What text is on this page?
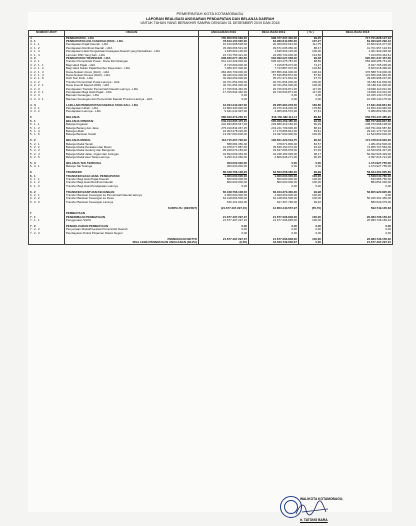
PEMERINTAH KOTA KOTAMOBAGU
LAPORAN REALISASI ANGGARAN PENDAPATAN DAN BELANJA DAERAH
UNTUK TAHUN YANG BERAKHIR SAMPAI DENGAN 31 DESEMBER 2019 DAN 2018
NOMOR URUT	URAIAN	ANGGARAN 2019	REALISASI 2019	( % )	REALISASI 2018
4	PENDAPATAN - LRA	700.650.552.066,00	698.477.207.322,00	99,25	717.701.828.127,03
4 . 1	PENDAPATAN ASLI DAERAH (PAD) - LRA	78.643.152.605,00	84.280.644.850,00	107,27	84.390.997.290,43
4 . 1 . 1	Pendapatan Pajak Daerah - LRA	16.160.998.528,00	20.459.653.644,00	111,75	15.503.916.377,00
4 . 1 . 2	Pendapatan Retribusi Daerah - LRA	45.099.666.531,00	39.671.005.080,00	88,47	41.701.957.132,63
4 . 1 . 3	Pendapatan Hasil Pengelolaan Kekayaan Daerah yang Dipisahkan - LRA	1.635.602.125,00	1.635.503.125,00	100,00	1.361.993.236,00
4 . 1 . 4	Lain-lain PAD Yang Sah - LRA	15.743.750.421,00	22.256.733.000,00	134,56	7.344.650.464,61
4 . 2	PENDAPATAN TRANSFER - LRA	608.030.677.462,00	602.090.027.638,00	99,48	620.051.347.457,00
4 . 2 . 1	Transfer Pemerintah Pusat - Dana Perimbangan	541.413.409.000,00	535.403.475.787,00	98,89	553.008.285.751,00
4 . 2 . 1 . 1	Bagi Hasil Pajak - LRA	8.715.669.000,00	7.215.878.073,00	74,27	8.037.765.235,00
4 . 2 . 1 . 2	Bagi Hasil Sukan Pajak/Sumber Daya Alam - LRA	7.489.307.000,00	7.744.887.007,00	104,82	8.603.618.396,00
4 . 2 . 1 . 3	Dana Alokasi Umum (DAU) - LRA	384.309.709.000,00	387.859.494.000,00	100,94	376.588.719.000,00
4 . 2 . 1 . 4	Dana Alokasi Khusus (DAK) - LRA	99.446.632.000,00	87.546.869.872,00	87,60	131.656.296.964,00
4 . 2 . 1 . 5	DAK Non Fisik - LRA	40.490.050.000,00	35.071.371.816,00	97,70	39.186.998.237,00
4 . 2 . 2	Transfer Pemerintah Pusat Lainnya - LRA	46.701.654.000,00	46.701.654.000,00	100,00	36.186.611.000,00
4 . 2 . 2 . 1	Dana Insentif Daerah (DID) - LRA	46.701.654.000,00	46.701.654.000,00	100,00	36.186.611.000,00
4 . 2 . 3	Pendapatan Transfer Pemerintah Daerah Lainnya - LRA	17.706.534.462,00	20.726.533.871,00	117,06	19.826.110.031,00
4 . 2 . 3 . 1	Pendapatan Bagi Hasil Pajak - LRA	17.706.534.462,00	20.726.533.871,00	117,06	19.826.110.031,00
4 . 2 . 4	Bantuan Keuangan - LRA	0,00	0,00	0,00	16.345.140.175,00
4 . 2 . 4 . 1	Bantuan Keuangan dari Pemerintah Daerah Provinsi Lainnya - LRA	0,00	0,00	0,00	16.345.140.175,00

4 . 3	LAIN-LAIN PENDAPATAN DAERAH YANG SAH - LRA	16.034.342.997,00	26.265.984.978,00	166,80	17.631.293.861,60
4 . 3 . 1	Pendapatan Hibah - LRA	12.869.330.000,00	23.370.318.000,00	178,80	12.554.430.960,00
4 . 3 . 2	Pendapatan Lainnya - LRA	9.041.042.997,00	4.005.666.570,00	97,61	5.086.862.581,00

5	BELANJA	686.029.373.266,15	616.150.482.114,11	89,82	658.763.437.385,95
5 . 1	BELANJA OPERASI	549.013.665.470,15	505.029.459.485,36	93,48	482.757.893.807,80
5 . 1 . 1	Belanja Pegawai	242.693.866.547,00	233.686.419.160,00	96,29	238.373.068.138,00
5 . 1 . 2	Belanja Barang dan Jasa	275.319.844.967,25	243.241.709.906,36	88,34	218.751.094.587,80
5 . 1 . 4	Belanja Hibah	16.303.278.225,00	17.175.865.814,00	93,61	29.441.173.722,00
5 . 1 . 5	Belanja Bantuan Sosial	13.497.000.000,00	13.497.000.000,00	100,00	12.543.800.000,00

5 . 2	BELANJA MODAL	116.715.307.796,00	106.601.423.019,75	96,32	174.478.610.620,00
5 . 2 . 1	Belanja Modal Tanah	588.084.050,00	478.671.806,00	82,57	1.381.662.500,00
5 . 2 . 2	Belanja Modal Peralatan dan Mesin	41.978.077.887,00	39.536.150.674,00	94,18	72.965.707.564,00
5 . 2 . 3	Belanja Modal Gedung dan Bangunan	35.168.676.183,00	33.637.696.978,00	97,45	44.543.054.427,00
5 . 2 . 4	Belanja Modal Jalan, Irigasi dan Jaringan	34.694.069.463,00	34.238.183.605,00	98,17	50.492.526.429,00
5 . 2 . 5	Belanja Modal Aset Tetap Lainnya	3.293.412.060,00	2.809.936.271,00	90,35	2.397.614.721,00

5 . 3	BELANJA TAK TERDUGA	300.000.000,00	0,00	0,00	1.474.927.755,00
5 . 3 . 1	Belanja Tak Terduga	300.000.000,00	0,00	0,00	1.474.927.755,00

6	TRANSFER	86.348.766.108,00	64.503.258.080,00	99,99	58.334.461.605,00
6 . 1	TRANSFER BAGI HASIL PENDAPATAN	1.300.000.000,00	1.300.000.000,00	100,00	1.528.540.780,00
6 . 1 . 1	Transfer Bagi Hasil Pajak Daerah	500.000.000,00	500.000.000,00	100,00	643.686.750,00
6 . 1 . 2	Transfer Bagi Hasil Retribusi Daerah	800.000.000,00	800.000.000,00	100,00	884.854.030,00
6 . 1 . 3	Transfer Bagi Hasil Pendapatan Lainnya	0,00	0,00	0,00	0,00

6 . 2	TRANSFER BANTUAN KEUANGAN	65.048.766.108,00	66.043.373.360,00	99,98	56.805.920.825,00
6 . 2 . 1	Transfer Bantuan Keuangan ke Pemerintah Daerah lainnya	2.000.000.000,00	2.000.000.000,00	100,00	0,00
6 . 2 . 2	Transfer Bantuan Keuangan ke Desa	62.418.664.506,00	62.418.664.506,00	100,00	56.225.391.450,00
6 . 2 . 3	Transfer Bantuan Keuangan Lainnya	630.101.602,00	627.307.790,00	99,40	580.529.375,00

	SURPLUS / (DEFISIT)	(21.677.497.297,15)	12.853.443.557,97	(55,70)	593.749.135,63

7	PEMBIAYAAN				
7 . 1	PENERIMAAN PEMBIAYAAN	21.677.497.297,15	21.677.296.848,00	100,00	20.083.736.156,32
7 . 1 . 1	Penggunaan SiLPA	21.677.497.297,15	21.677.296.848,00	100,00	20.083.736.156,32

7 . 2	PENGELUARAN PEMBIAYAAN	0,00	0,00	0,00	0,00
7 . 2 . 2	Penyertaan Modal/Investasi Pemerintah Daerah	0,00	0,00	0,00	0,00
7 . 2 . 3	Pembayaran Pokok Pinjaman Dalam Negeri	0,00	0,00	0,00	0,00

	PEMBIAYAAN NETTO	21.677.497.297,15	21.677.296.848,00	100,00	20.083.736.156,32
	SISA LEBIH PEMBIAYAAN ANGGARAN (SILPA)	(0,00)	34.530.739.606,97	0,00	21.677.497.297,15
WALIKOTA KOTAMOBAGU,
Ir. TATONG BARA
